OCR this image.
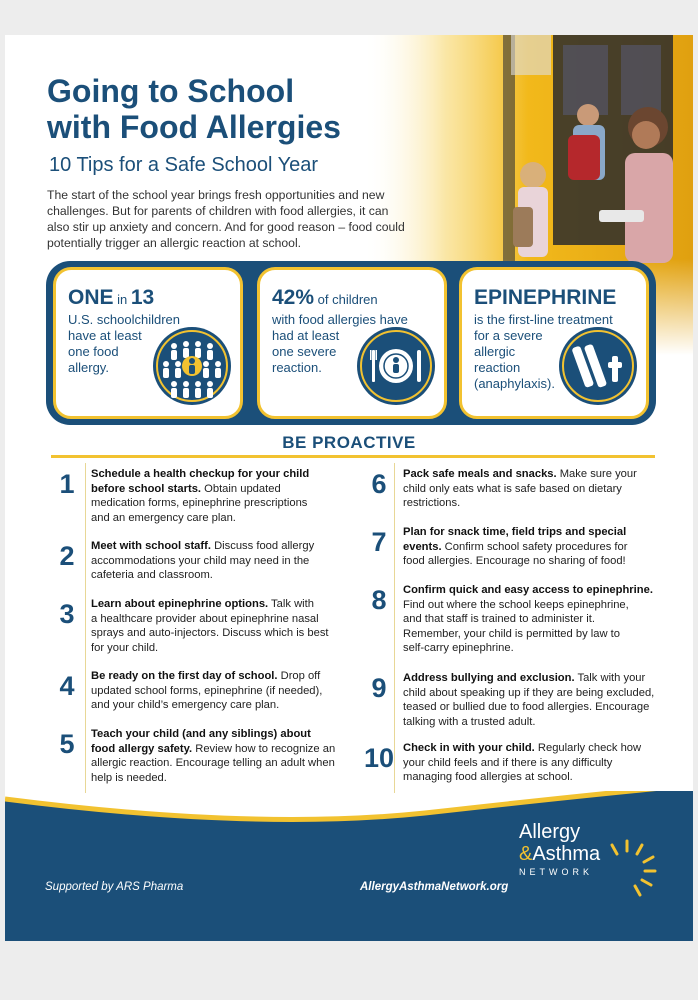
Going to School
with Food Allergies
10 Tips for a Safe School Year
The start of the school year brings fresh opportunities and new challenges. But for parents of children with food allergies, it can also stir up anxiety and concern. And for good reason – food could potentially trigger an allergic reaction at school.
ONE in 13
U.S. schoolchildren
have at least
one food
allergy.
42% of children
with food allergies have
had at least
one severe
reaction.
EPINEPHRINE
is the first-line treatment
for a severe
allergic
reaction
(anaphylaxis).
BE PROACTIVE
1	Schedule a health checkup for your child
before school starts. Obtain updated
medication forms, epinephrine prescriptions
and an emergency care plan.
2	Meet with school staff. Discuss food allergy
accommodations your child may need in the
cafeteria and classroom.
3	Learn about epinephrine options. Talk with
a healthcare provider about epinephrine nasal
sprays and auto-injectors. Discuss which is best
for your child.
4	Be ready on the first day of school. Drop off
updated school forms, epinephrine (if needed),
and your child’s emergency care plan.
5	Teach your child (and any siblings) about
food allergy safety. Review how to recognize an
allergic reaction. Encourage telling an adult when
help is needed.
6	Pack safe meals and snacks. Make sure your
child only eats what is safe based on dietary
restrictions.
7	Plan for snack time, field trips and special
events. Confirm school safety procedures for
food allergies. Encourage no sharing of food!
8	Confirm quick and easy access to epinephrine.
Find out where the school keeps epinephrine,
and that staff is trained to administer it.
Remember, your child is permitted by law to
self-carry epinephrine.
9	Address bullying and exclusion. Talk with your
child about speaking up if they are being excluded,
teased or bullied due to food allergies. Encourage
talking with a trusted adult.
10 Check in with your child. Regularly check how
your child feels and if there is any difficulty
managing food allergies at school.
Supported by ARS Pharma	AllergyAsthmaNetwork.org
Allergy
&Asthma
NETWORK
